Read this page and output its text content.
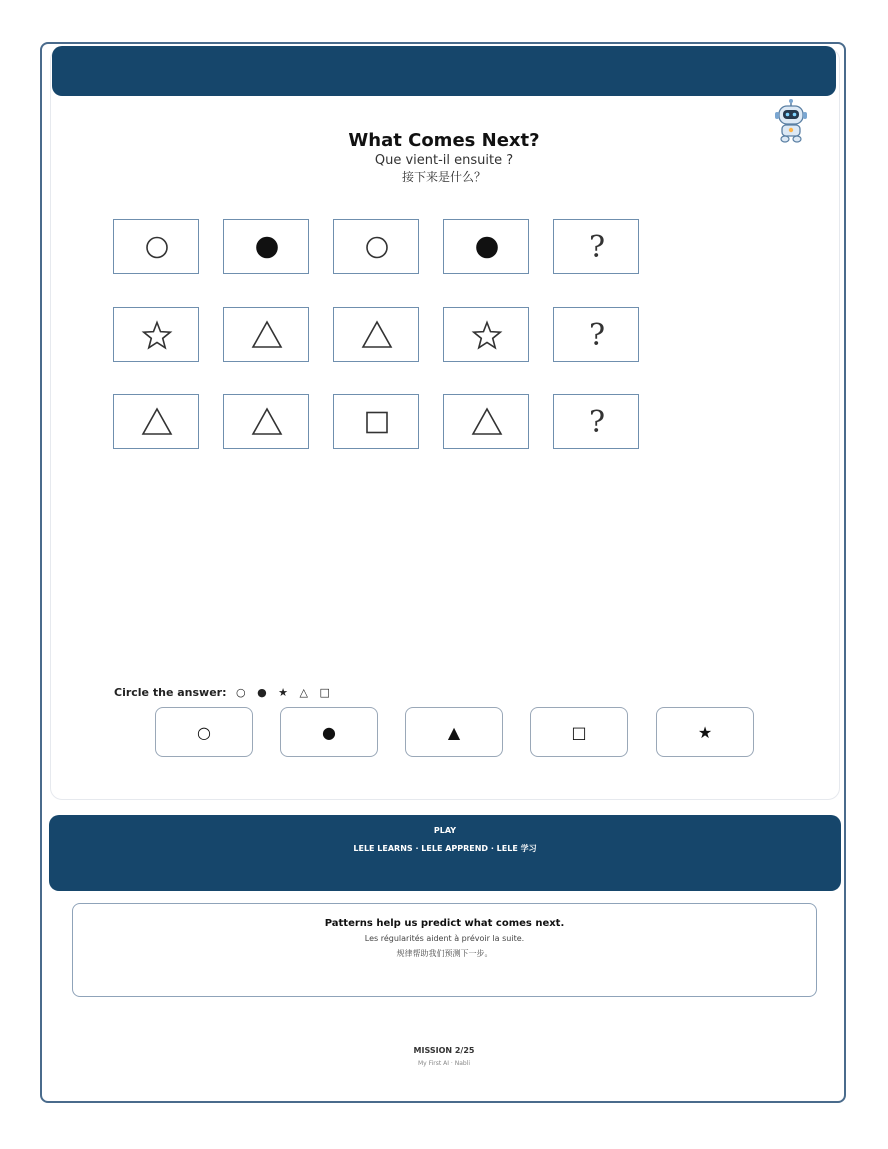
What Comes Next?
Que vient-il ensuite ?
接下来是什么？
?
?
?
Circle the answer: ○ ● ★ △ □
○	●	▲	□	★
PLAY
LELE LEARNS · LELE APPREND · LELE 学习
Patterns help us predict what comes next.
Les régularités aident à prévoir la suite.
规律帮助我们预测下一步。
MISSION 2/25
My First AI · Nabli
